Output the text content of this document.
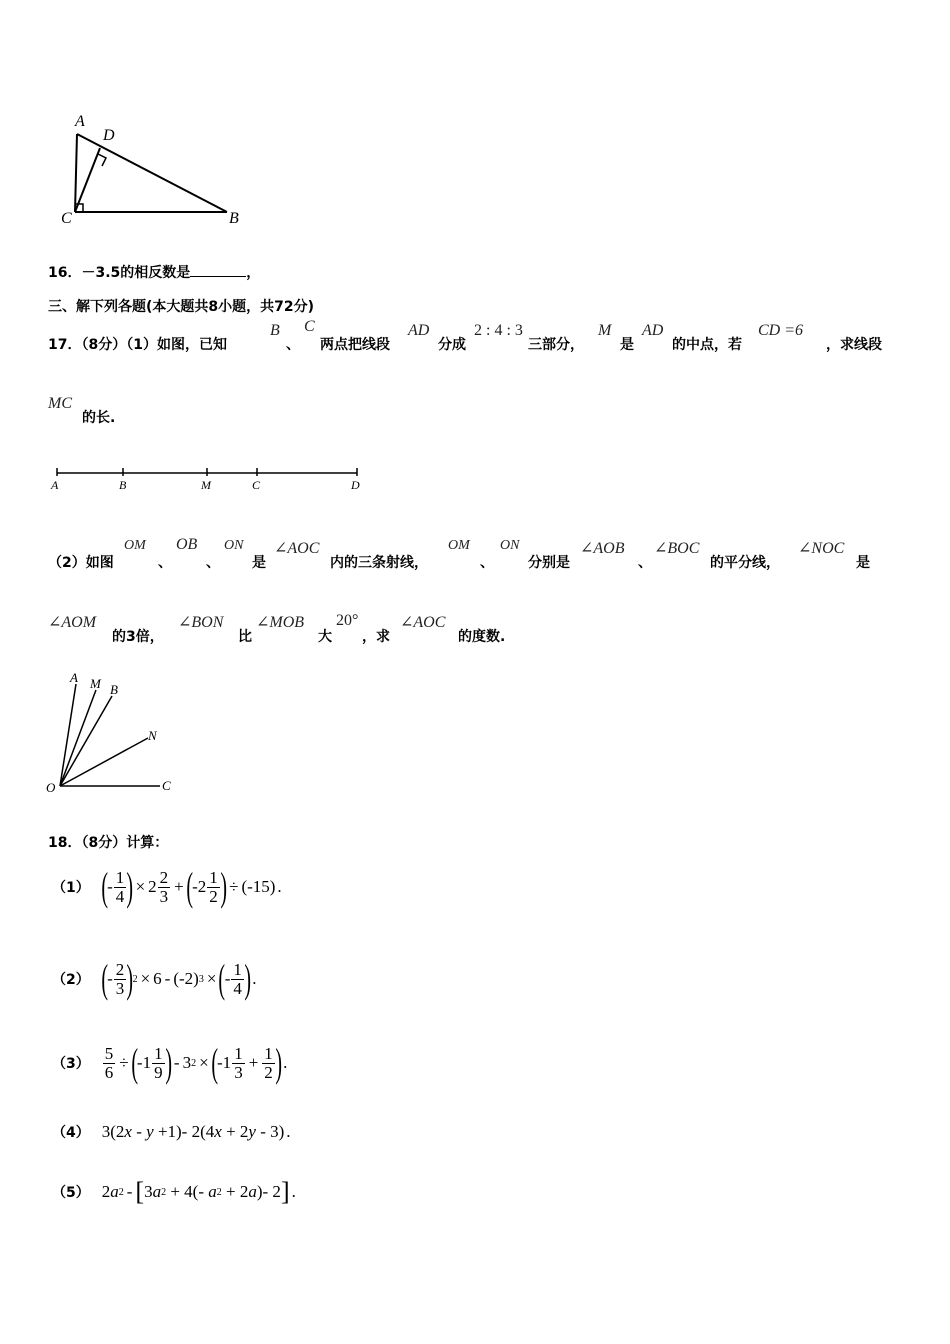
A
D
C	B
16．－3.5的相反数是	，
三、解下列各题(本大题共8小题，共72分)
17．（8分）（1）如图，已知
B
、
C
两点把线段
AD
分成
2 : 4 : 3
三部分，
M
是
AD
的中点，若
CD =6
，求线段
MC
的长.
A	B	M	C	D
（2）如图
OM
、
OB
、
ON
是
∠AOC
内的三条射线，
OM
、
ON
分别是
∠AOB
、
∠BOC
的平分线，
∠NOC
是
∠AOM
的3倍，
∠BON
比
∠MOB
大
20°
，求
∠AOC
的度数.
A M B
N
O	C
18．（8分）计算：
（1） ( - $\frac{1}{4}$ ) × $2 \frac{2}{3}$ + ( $-2 \frac{1}{2}$ ) ÷ (-15) .
（2） ( - $\frac{2}{3}$ ) 2 × 6 - (-2) 3 × ( - $\frac{1}{4}$ ) .
$(3) \frac{5}{6}$ ÷ ( $-1 \frac{1}{9}$ ) - 3 2 × ( $-1 \frac{1}{3} + \frac{1}{2}$ ) .
（4） 3(2 x - y +1)- 2(4 x + 2 y - 3) .
（5） 2 a 2 - [ 3 a 2 + 4(- a 2 + 2 a )- 2 ] .
